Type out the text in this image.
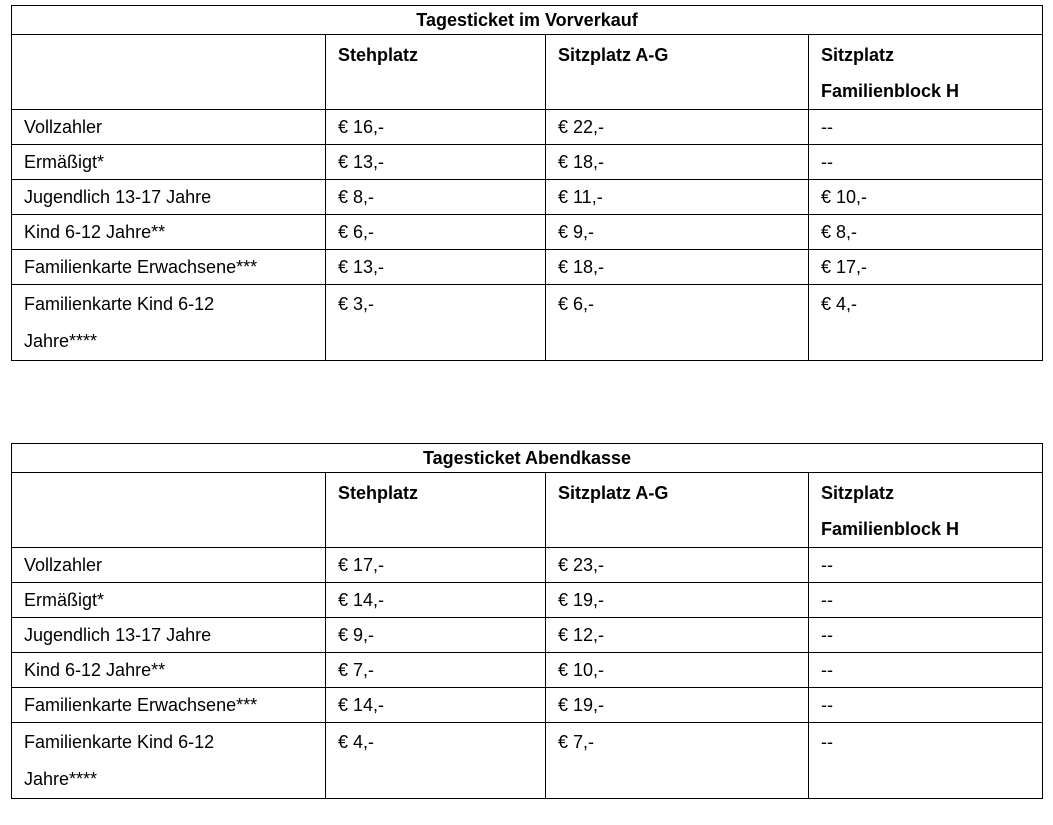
Tagesticket im Vorverkauf			
	Stehplatz	Sitzplatz A-G	Sitzplatz
Familienblock H
Vollzahler	€ 16,-	€ 22,-	--
Ermäßigt*	€ 13,-	€ 18,-	--
Jugendlich 13-17 Jahre	€ 8,-	€ 11,-	€ 10,-
Kind 6-12 Jahre**	€ 6,-	€ 9,-	€ 8,-
Familienkarte Erwachsene***	€ 13,-	€ 18,-	€ 17,-
Familienkarte Kind 6-12
Jahre****	€ 3,-	€ 6,-	€ 4,-
Tagesticket Abendkasse			
	Stehplatz	Sitzplatz A-G	Sitzplatz
Familienblock H
Vollzahler	€ 17,-	€ 23,-	--
Ermäßigt*	€ 14,-	€ 19,-	--
Jugendlich 13-17 Jahre	€ 9,-	€ 12,-	--
Kind 6-12 Jahre**	€ 7,-	€ 10,-	--
Familienkarte Erwachsene***	€ 14,-	€ 19,-	--
Familienkarte Kind 6-12
Jahre****	€ 4,-	€ 7,-	--
